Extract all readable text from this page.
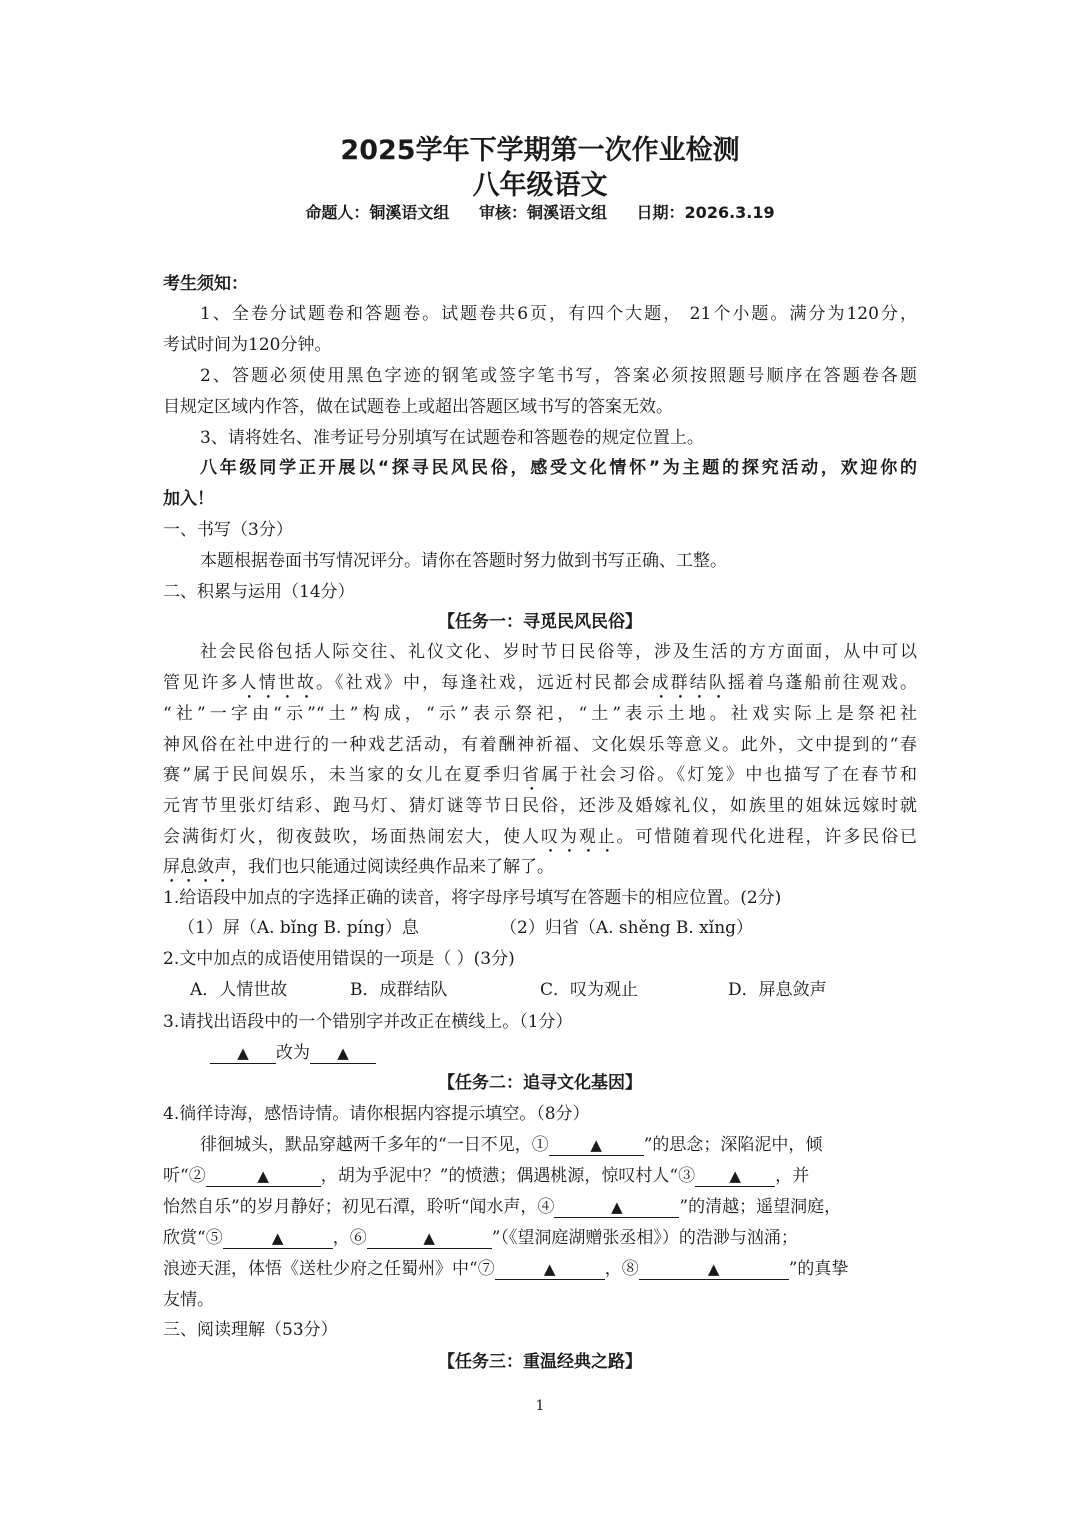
2025学年下学期第一次作业检测
八年级语文
命题人：铜溪语文组 审核：铜溪语文组 日期：2026.3.19
考生须知：
1、全卷分试题卷和答题卷。试题卷共6页，有四个大题， 21个小题。满分为120分，
考试时间为120分钟。
2、答题必须使用黑色字迹的钢笔或签字笔书写，答案必须按照题号顺序在答题卷各题
目规定区域内作答，做在试题卷上或超出答题区域书写的答案无效。
3、请将姓名、准考证号分别填写在试题卷和答题卷的规定位置上。
八年级同学正开展以“探寻民风民俗，感受文化情怀”为主题的探究活动，欢迎你的
加入！
一、书写（3分）
本题根据卷面书写情况评分。请你在答题时努力做到书写正确、工整。
二、积累与运用（14分）
【任务一：寻觅民风民俗】
社会民俗包括人际交往、礼仪文化、岁时节日民俗等，涉及生活的方方面面，从中可以
管见许多人情世故。《社戏》中，每逢社戏，远近村民都会成群结队摇着乌蓬船前往观戏。
“社”一字由“示”“土”构成，“示”表示祭祀，“土”表示土地。社戏实际上是祭祀社
神风俗在社中进行的一种戏艺活动，有着酬神祈福、文化娱乐等意义。此外，文中提到的“春
赛”属于民间娱乐，未当家的女儿在夏季归省属于社会习俗。《灯笼》中也描写了在春节和
元宵节里张灯结彩、跑马灯、猜灯谜等节日民俗，还涉及婚嫁礼仪，如族里的姐妹远嫁时就
会满街灯火，彻夜鼓吹，场面热闹宏大，使人叹为观止。可惜随着现代化进程，许多民俗已
屏息敛声，我们也只能通过阅读经典作品来了解了。
1.给语段中加点的字选择正确的读音，将字母序号填写在答题卡的相应位置。(2分)
（1）屏（A. bǐng B. píng）息	（2）归省（A. shěng B. xǐng）
2.文中加点的成语使用错误的一项是（ ）(3分)
A．人情世故	B．成群结队	C．叹为观止	D．屏息敛声
3.请找出语段中的一个错别字并改正在横线上。（1分）
▲ 改为 ▲
【任务二：追寻文化基因】
4.徜徉诗海，感悟诗情。请你根据内容提示填空。（8分）
徘徊城头，默品穿越两千多年的“一日不见，①	▲ ”的思念；深陷泥中，倾
听“②	▲	，胡为乎泥中？”的愤懑；偶遇桃源，惊叹村人“③ ▲ ，并
怡然自乐”的岁月静好；初见石潭，聆听“闻水声，④	▲	”的清越；遥望洞庭，
欣赏“⑤	▲	，⑥	▲	”（《望洞庭湖赠张丞相》）的浩渺与汹涌；
浪迹天涯，体悟《送杜少府之任蜀州》中“⑦	▲	，⑧	▲	”的真挚
友情。
三、阅读理解（53分）
【任务三：重温经典之路】
1
